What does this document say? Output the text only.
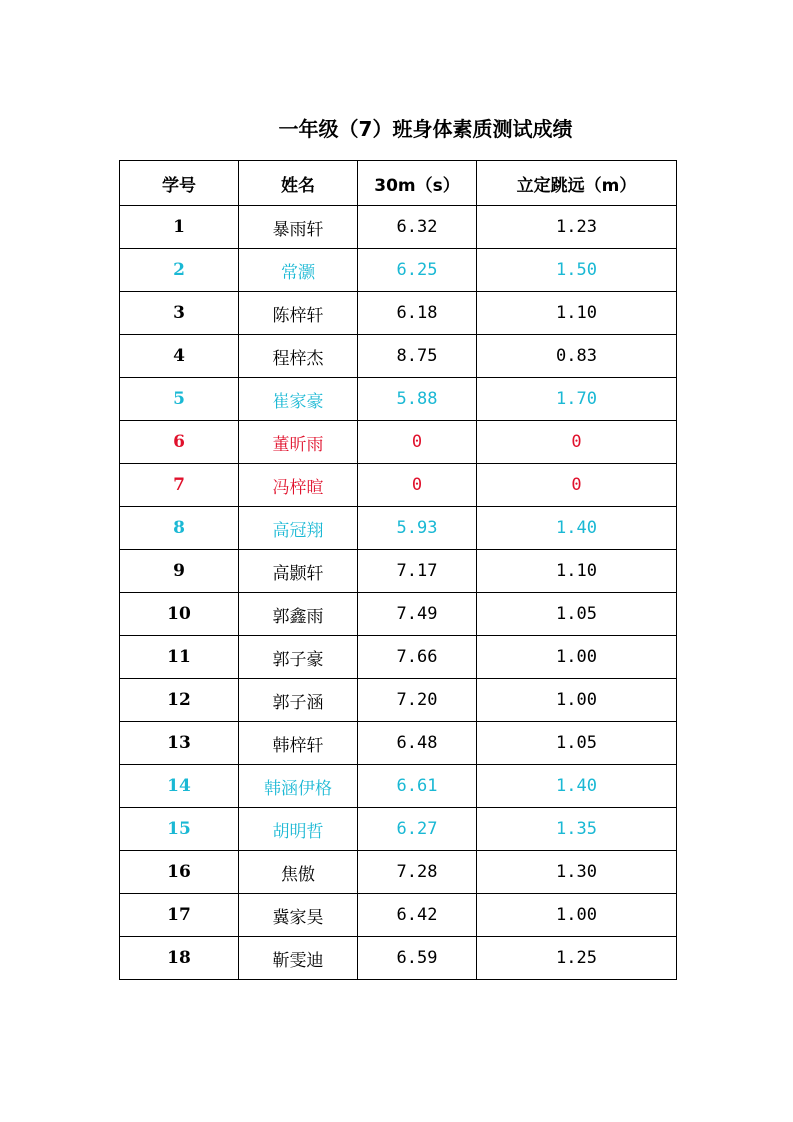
一年级（7）班身体素质测试成绩
学号	姓名	30m（s）	立定跳远（m）
1	暴雨轩	6.32	1.23
2	常灏	6.25	1.50
3	陈梓轩	6.18	1.10
4	程梓杰	8.75	0.83
5	崔家豪	5.88	1.70
6	董昕雨	0	0
7	冯梓暄	0	0
8	高冠翔	5.93	1.40
9	高颢轩	7.17	1.10
10	郭鑫雨	7.49	1.05
11	郭子豪	7.66	1.00
12	郭子涵	7.20	1.00
13	韩梓轩	6.48	1.05
14	韩涵伊格	6.61	1.40
15	胡明哲	6.27	1.35
16	焦傲	7.28	1.30
17	冀家昊	6.42	1.00
18	靳雯迪	6.59	1.25
